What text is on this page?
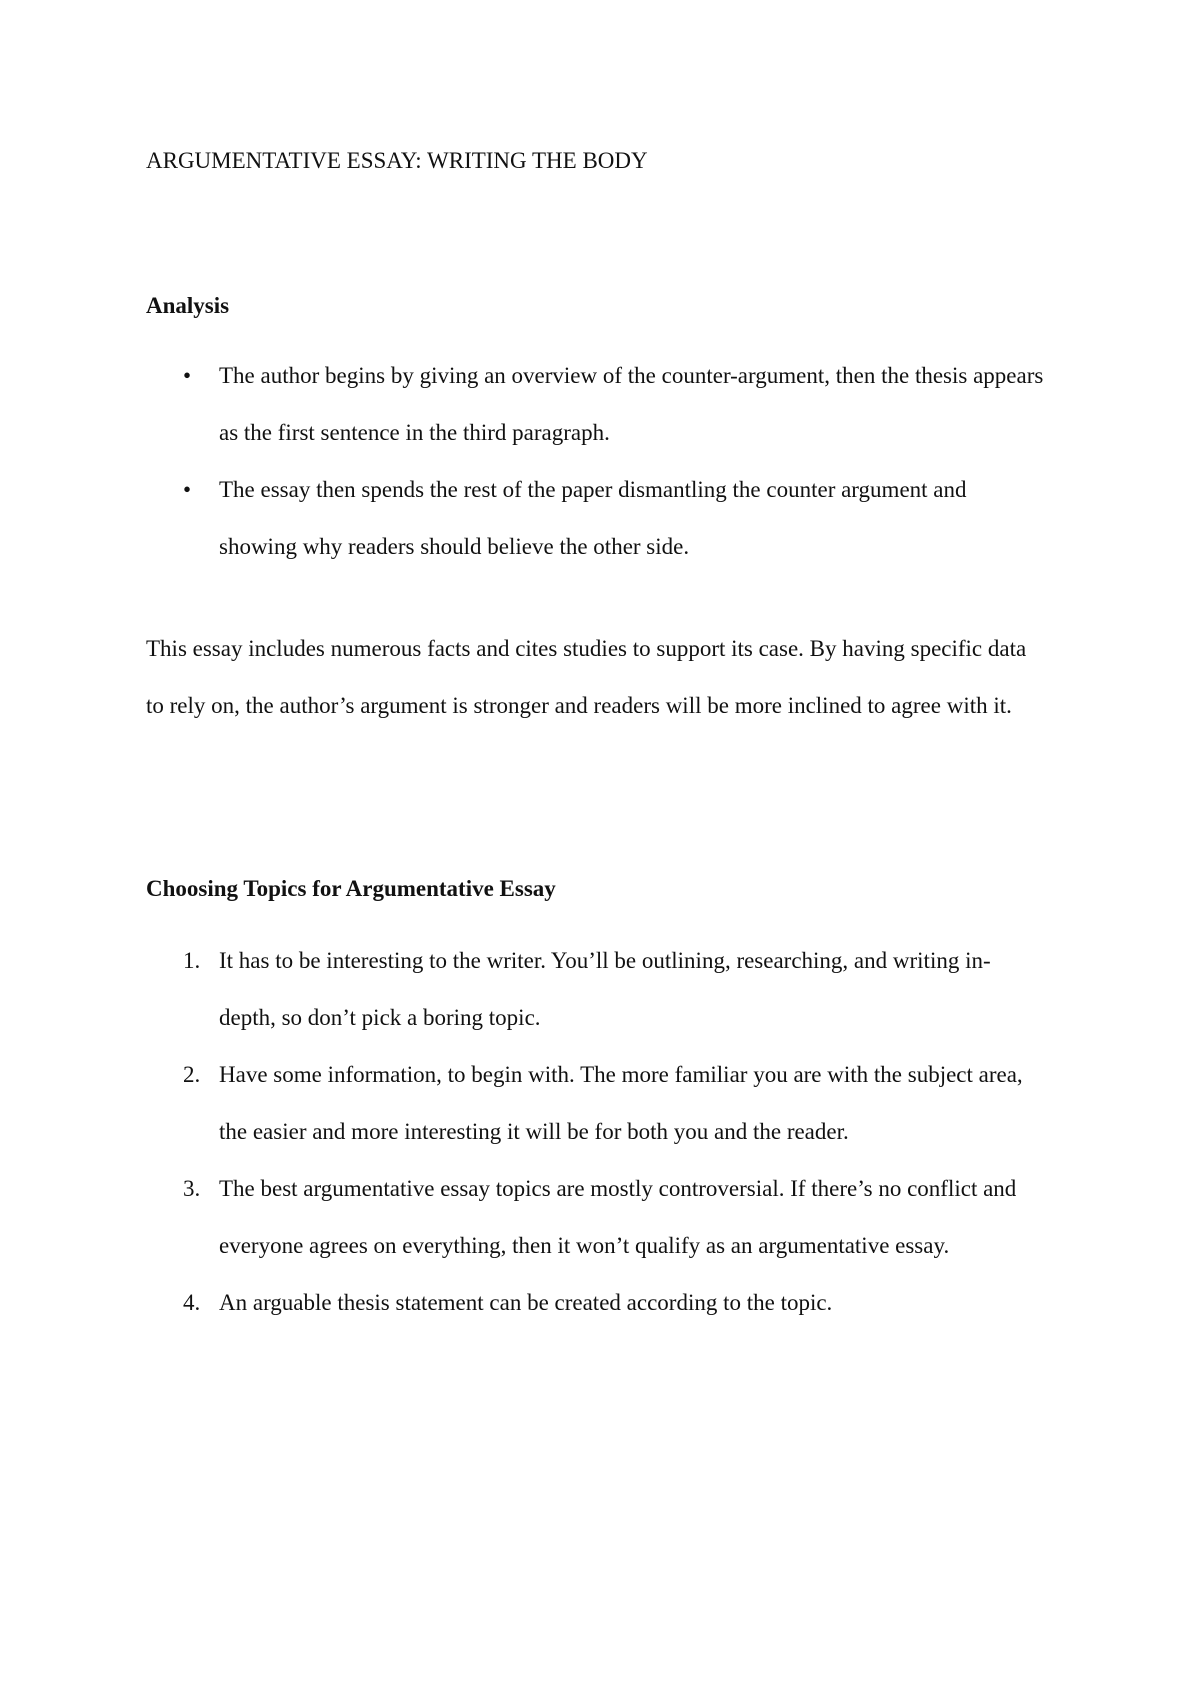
ARGUMENTATIVE ESSAY: WRITING THE BODY
Analysis
•	The author begins by giving an overview of the counter-argument, then the thesis appears as the first sentence in the third paragraph.
•	The essay then spends the rest of the paper dismantling the counter argument and showing why readers should believe the other side.

This essay includes numerous facts and cites studies to support its case. By having specific data to rely on, the author’s argument is stronger and readers will be more inclined to agree with it.

Choosing Topics for Argumentative Essay
1. It has to be interesting to the writer. You’ll be outlining, researching, and writing in-depth, so don’t pick a boring topic.
2. Have some information, to begin with. The more familiar you are with the subject area, the easier and more interesting it will be for both you and the reader.
3. The best argumentative essay topics are mostly controversial. If there’s no conflict and everyone agrees on everything, then it won’t qualify as an argumentative essay.
4. An arguable thesis statement can be created according to the topic.
